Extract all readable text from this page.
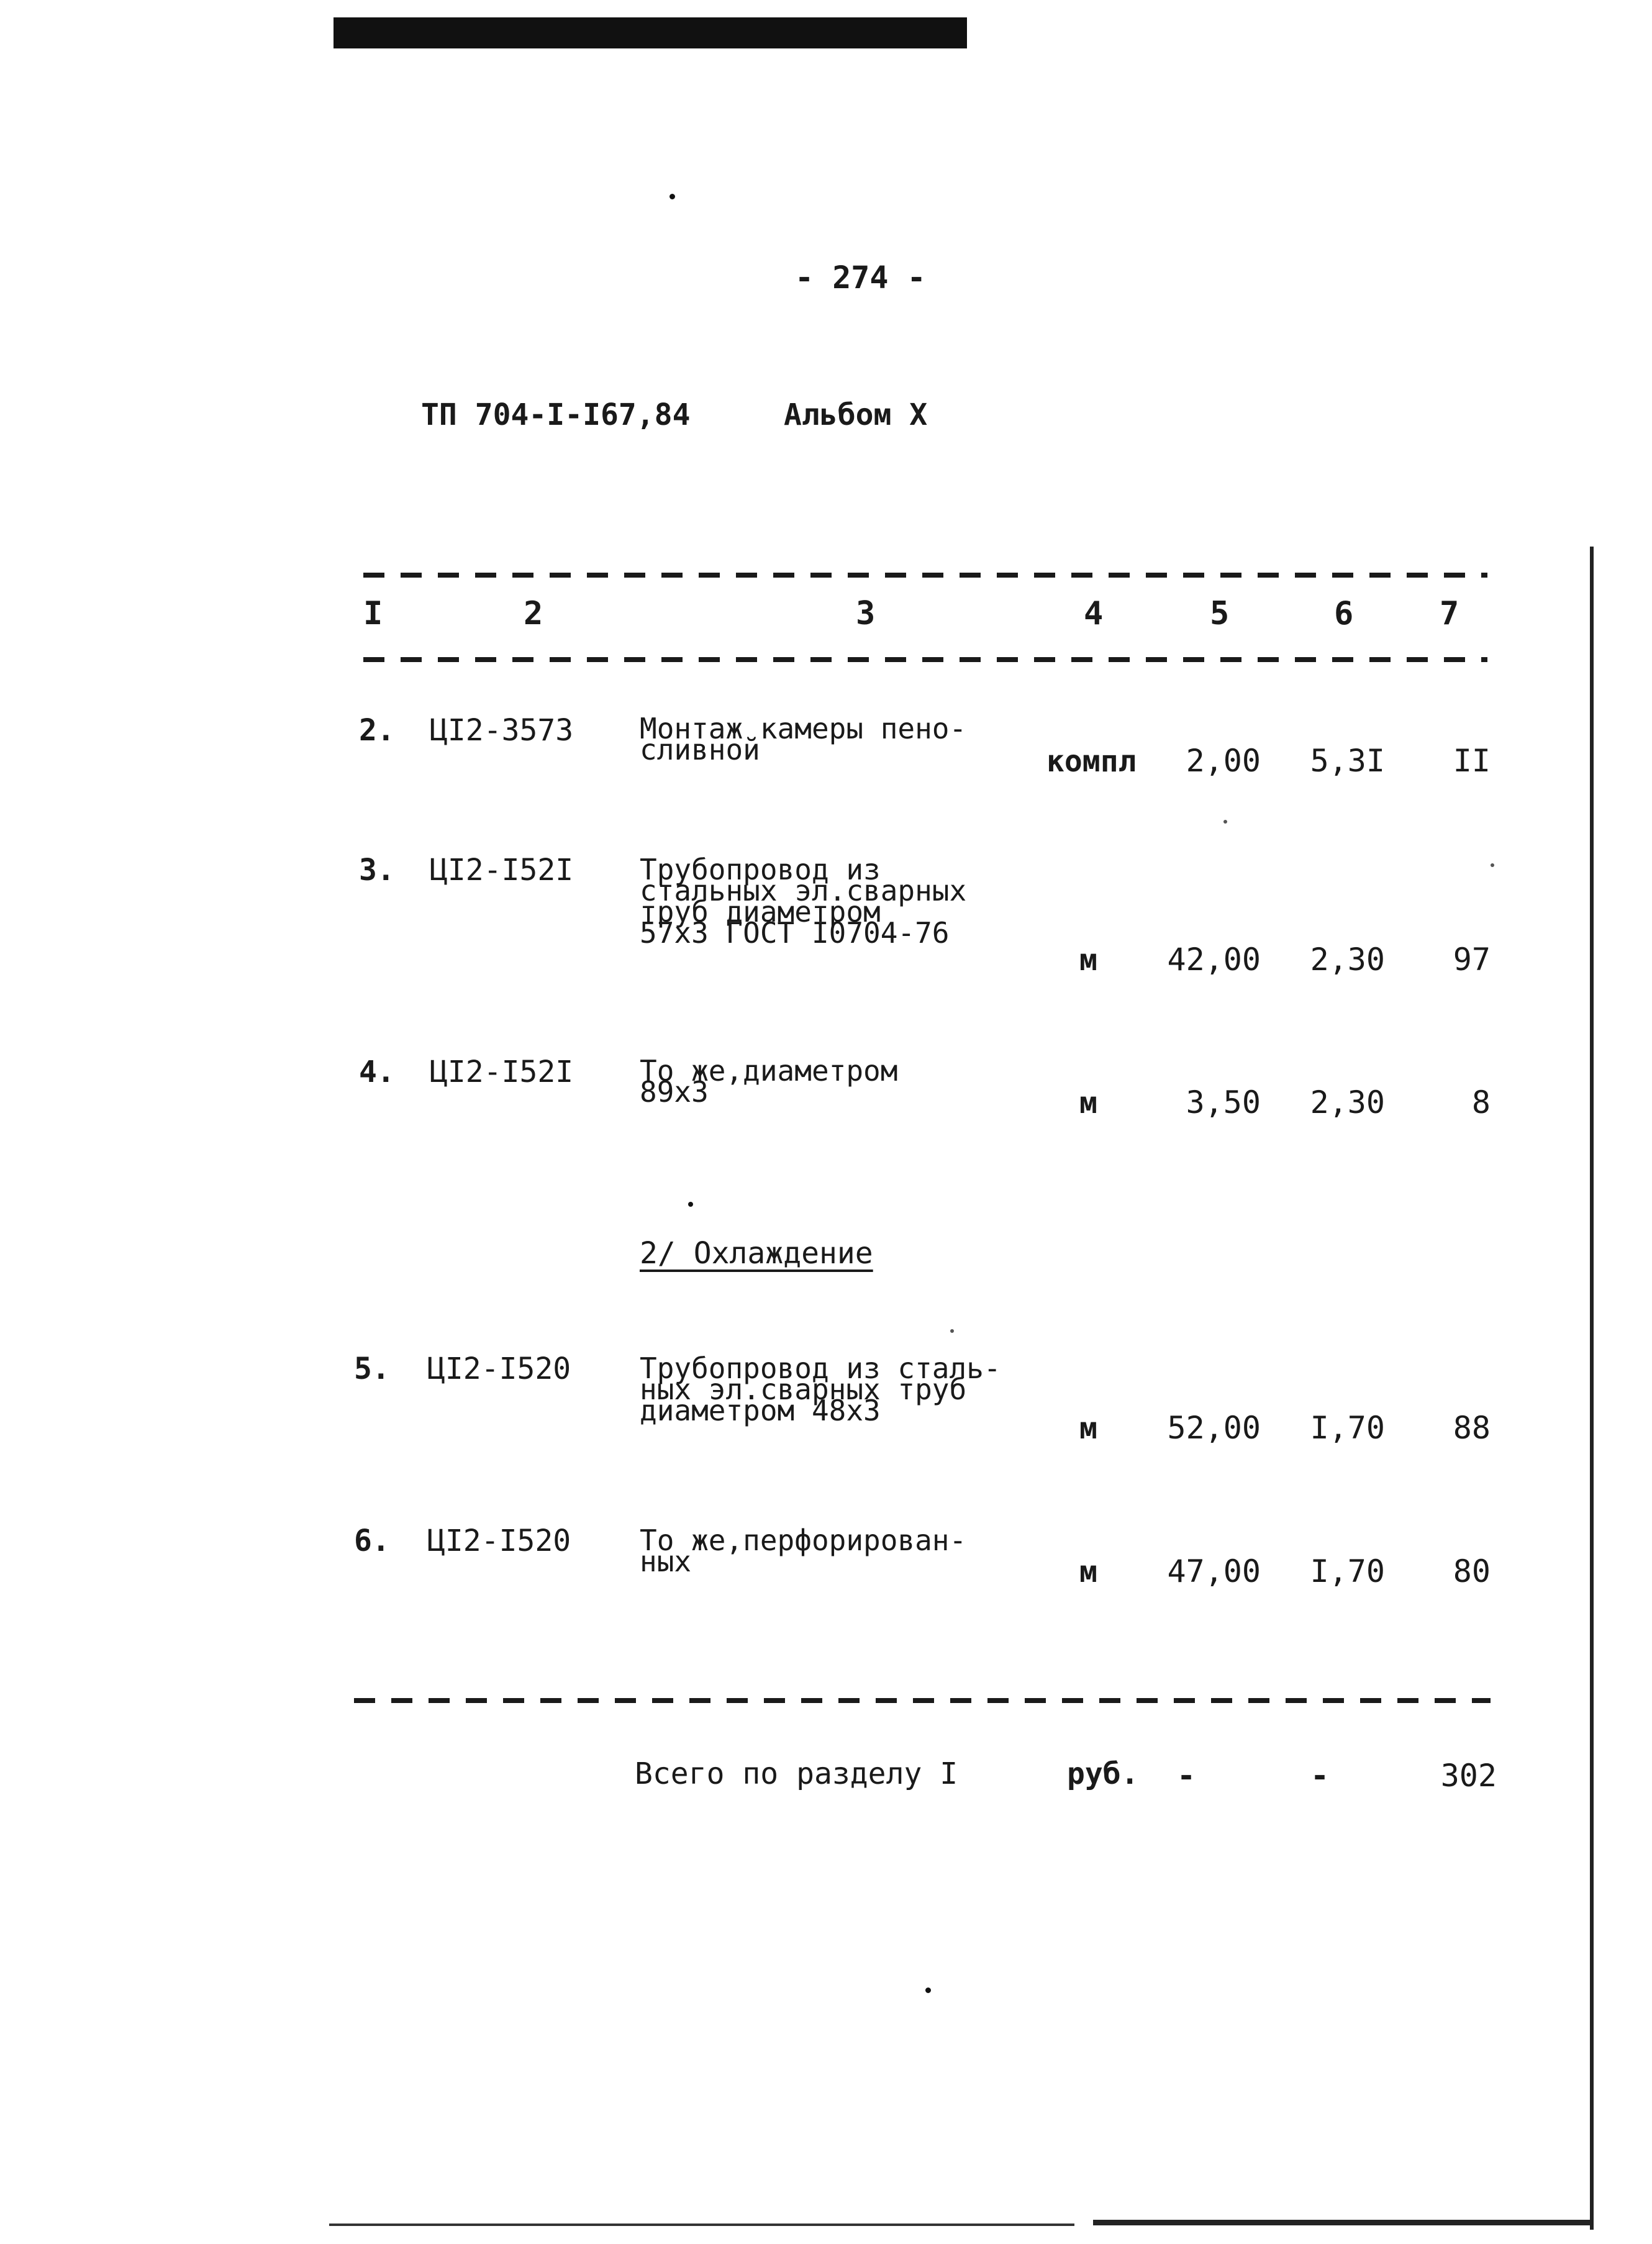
- 274 -
ТП 704-I-I67,84	Альбом X
I	2	3	4	5	6	7
2. ЦI2-3573 Монтаж камеры пено-
сливной	компл	2,00	5,3I	II
3. ЦI2-I52I Трубопровод из
стальных эл.сварных
труб диаметром
57х3 ГОСТ I0704-76
м	42,00	2,30	97
4. ЦI2-I52I То же,диаметром
89х3	м	3,50	2,30	8
2/ Охлаждение
5. ЦI2-I520 Трубопровод из сталь-
ных эл.сварных труб
диаметром 48х3
м	52,00	I,70	88
6. ЦI2-I520 То же,перфорирован-
ных	м	47,00	I,70	80
Всего по разделу I	руб.	-	-	302
